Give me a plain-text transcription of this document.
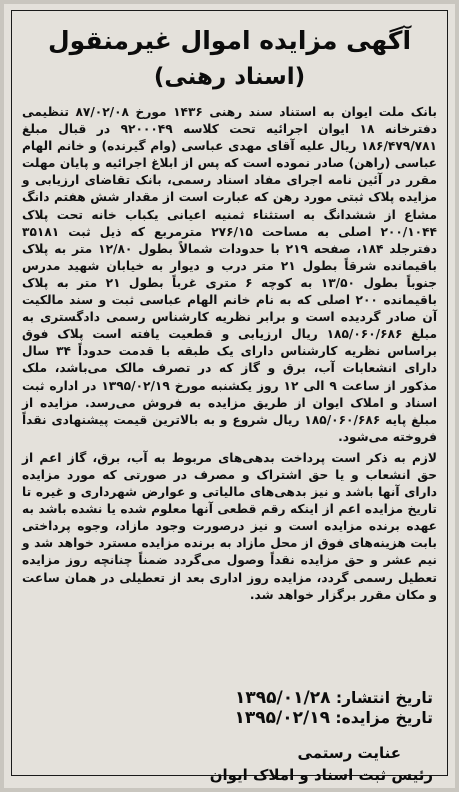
آگهی مزایده اموال غیرمنقول
(اسناد رهنی)

بانک ملت ایوان به استناد سند رهنی ۱۴۳۶ مورخ ۸۷/۰۲/۰۸ تنظیمی دفترخانه ۱۸ ایوان اجرائیه تحت کلاسه ۹۲۰۰۰۴۹ در قبال مبلغ ۱۸۶/۴۷۹/۷۸۱ ریال علیه آقای مهدی عباسی (وام گیرنده) و خانم الهام عباسی (راهن) صادر نموده است که پس از ابلاغ اجرائیه و پایان مهلت مقرر در آئین نامه اجرای مفاد اسناد رسمی، بانک تقاضای ارزیابی و مزایده پلاک ثبتی مورد رهن که عبارت است از مقدار شش هفتم دانگ مشاع از ششدانگ به استثناء ثمنیه اعیانی یکباب خانه تحت پلاک ۲۰۰/۱۰۴۴ اصلی به مساحت ۲۷۶/۱۵ مترمربع که ذیل ثبت ۳۵۱۸۱ دفترجلد ۱۸۴، صفحه ۲۱۹ با حدودات شمالاً بطول ۱۲/۸۰ متر به پلاک باقیمانده شرقاً بطول ۲۱ متر درب و دیوار به خیابان شهید مدرس جنوباً بطول ۱۳/۵۰ به کوچه ۶ متری غرباً بطول ۲۱ متر به پلاک باقیمانده ۲۰۰ اصلی که به نام خانم الهام عباسی ثبت و سند مالکیت آن صادر گردیده است و برابر نظریه کارشناس رسمی دادگستری به مبلغ ۱۸۵/۰۶۰/۶۸۶ ریال ارزیابی و قطعیت یافته است پلاک فوق براساس نظریه کارشناس دارای یک طبقه با قدمت حدوداً ۳۴ سال دارای انشعابات آب، برق و گاز که در تصرف مالک می‌باشد، ملک مذکور از ساعت ۹ الی ۱۲ روز یکشنبه مورخ ۱۳۹۵/۰۲/۱۹ در اداره ثبت اسناد و املاک ایوان از طریق مزایده به فروش می‌رسد. مزایده از مبلغ پایه ۱۸۵/۰۶۰/۶۸۶ ریال شروع و به بالاترین قیمت پیشنهادی نقداً فروخته می‌شود.

لازم به ذکر است پرداخت بدهی‌های مربوط به آب، برق، گاز اعم از حق انشعاب و یا حق اشتراک و مصرف در صورتی که مورد مزایده دارای آنها باشد و نیز بدهی‌های مالیاتی و عوارض شهرداری و غیره تا تاریخ مزایده اعم از اینکه رقم قطعی آنها معلوم شده یا نشده باشد به عهده برنده مزایده است و نیز درصورت وجود مازاد، وجوه پرداختی بابت هزینه‌های فوق از محل مازاد به برنده مزایده مسترد خواهد شد و نیم عشر و حق مزایده نقداً وصول می‌گردد ضمناً چنانچه روز مزایده تعطیل رسمی گردد، مزایده روز اداری بعد از تعطیلی در همان ساعت و مکان مقرر برگزار خواهد شد.

تاریخ انتشار: ۱۳۹۵/۰۱/۲۸
تاریخ مزایده: ۱۳۹۵/۰۲/۱۹
عنایت رستمی
رئیس ثبت اسناد و املاک ایوان
